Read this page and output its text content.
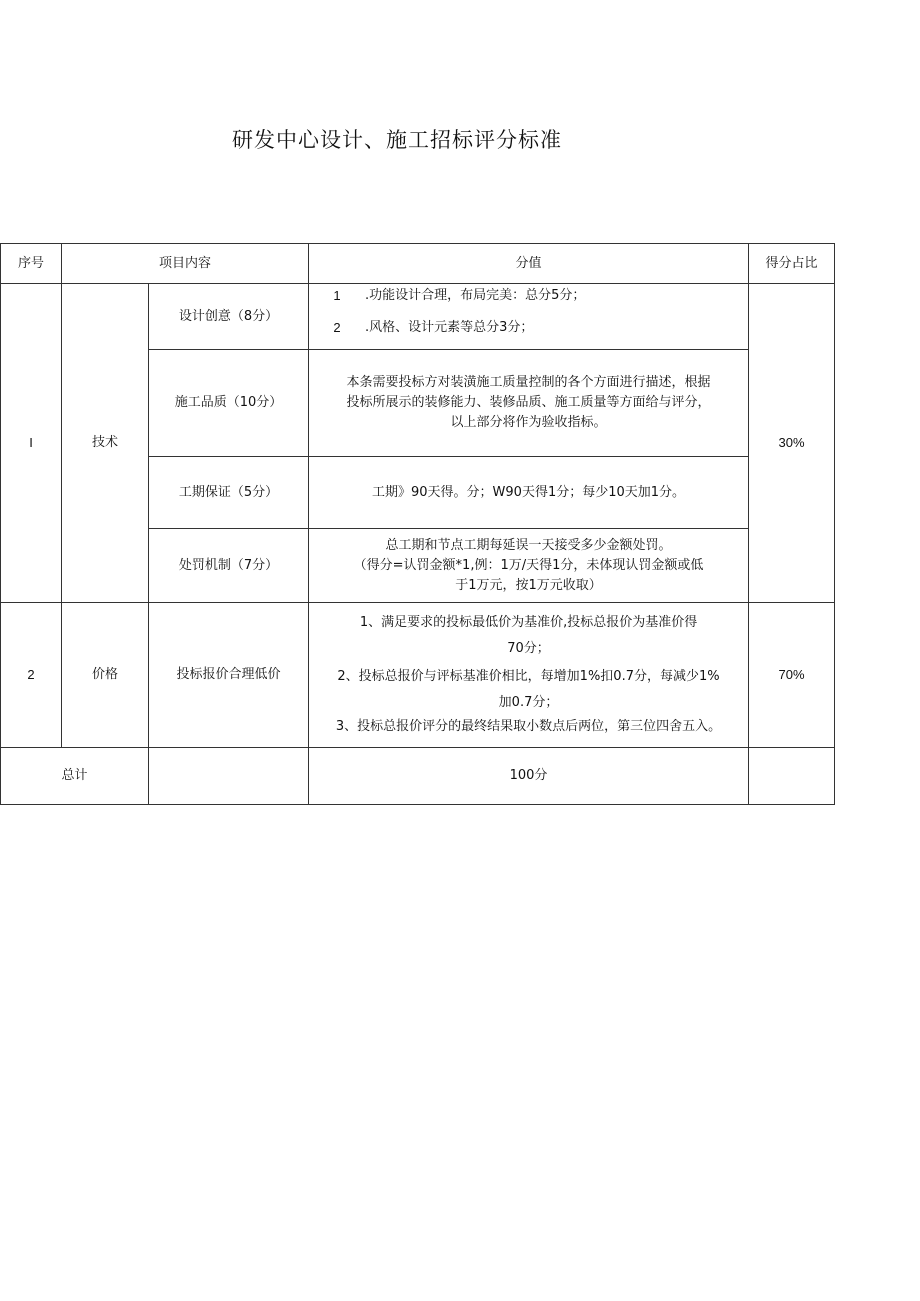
研发中心设计、施工招标评分标准
序号	项目内容		分值	得分占比
I	技术	设计创意（8分）	1 .功能设计合理，布局完美：总分5分；
2 .风格、设计元素等总分3分；	30%
		施工品质（10分）	本条需要投标方对装潢施工质量控制的各个方面进行描述，根据
投标所展示的装修能力、装修品质、施工质量等方面给与评分，
以上部分将作为验收指标。	

		工期保证（5分）	工期》90天得。分；W90天得1分；每少10天加1分。	

		处罚机制（7分）	总工期和节点工期每延误一天接受多少金额处罚。
（得分=认罚金额*1,例：1万/天得1分，未体现认罚金额或低
于1万元，按1万元收取）	

2	价格	投标报价合理低价	1、满足要求的投标最低价为基准价,投标总报价为基准价得
70分；
2、投标总报价与评标基准价相比，每增加1%扣0.7分，每减少1%
加0.7分；
3、投标总报价评分的最终结果取小数点后两位，第三位四舍五入。	70%
总计			100分	
